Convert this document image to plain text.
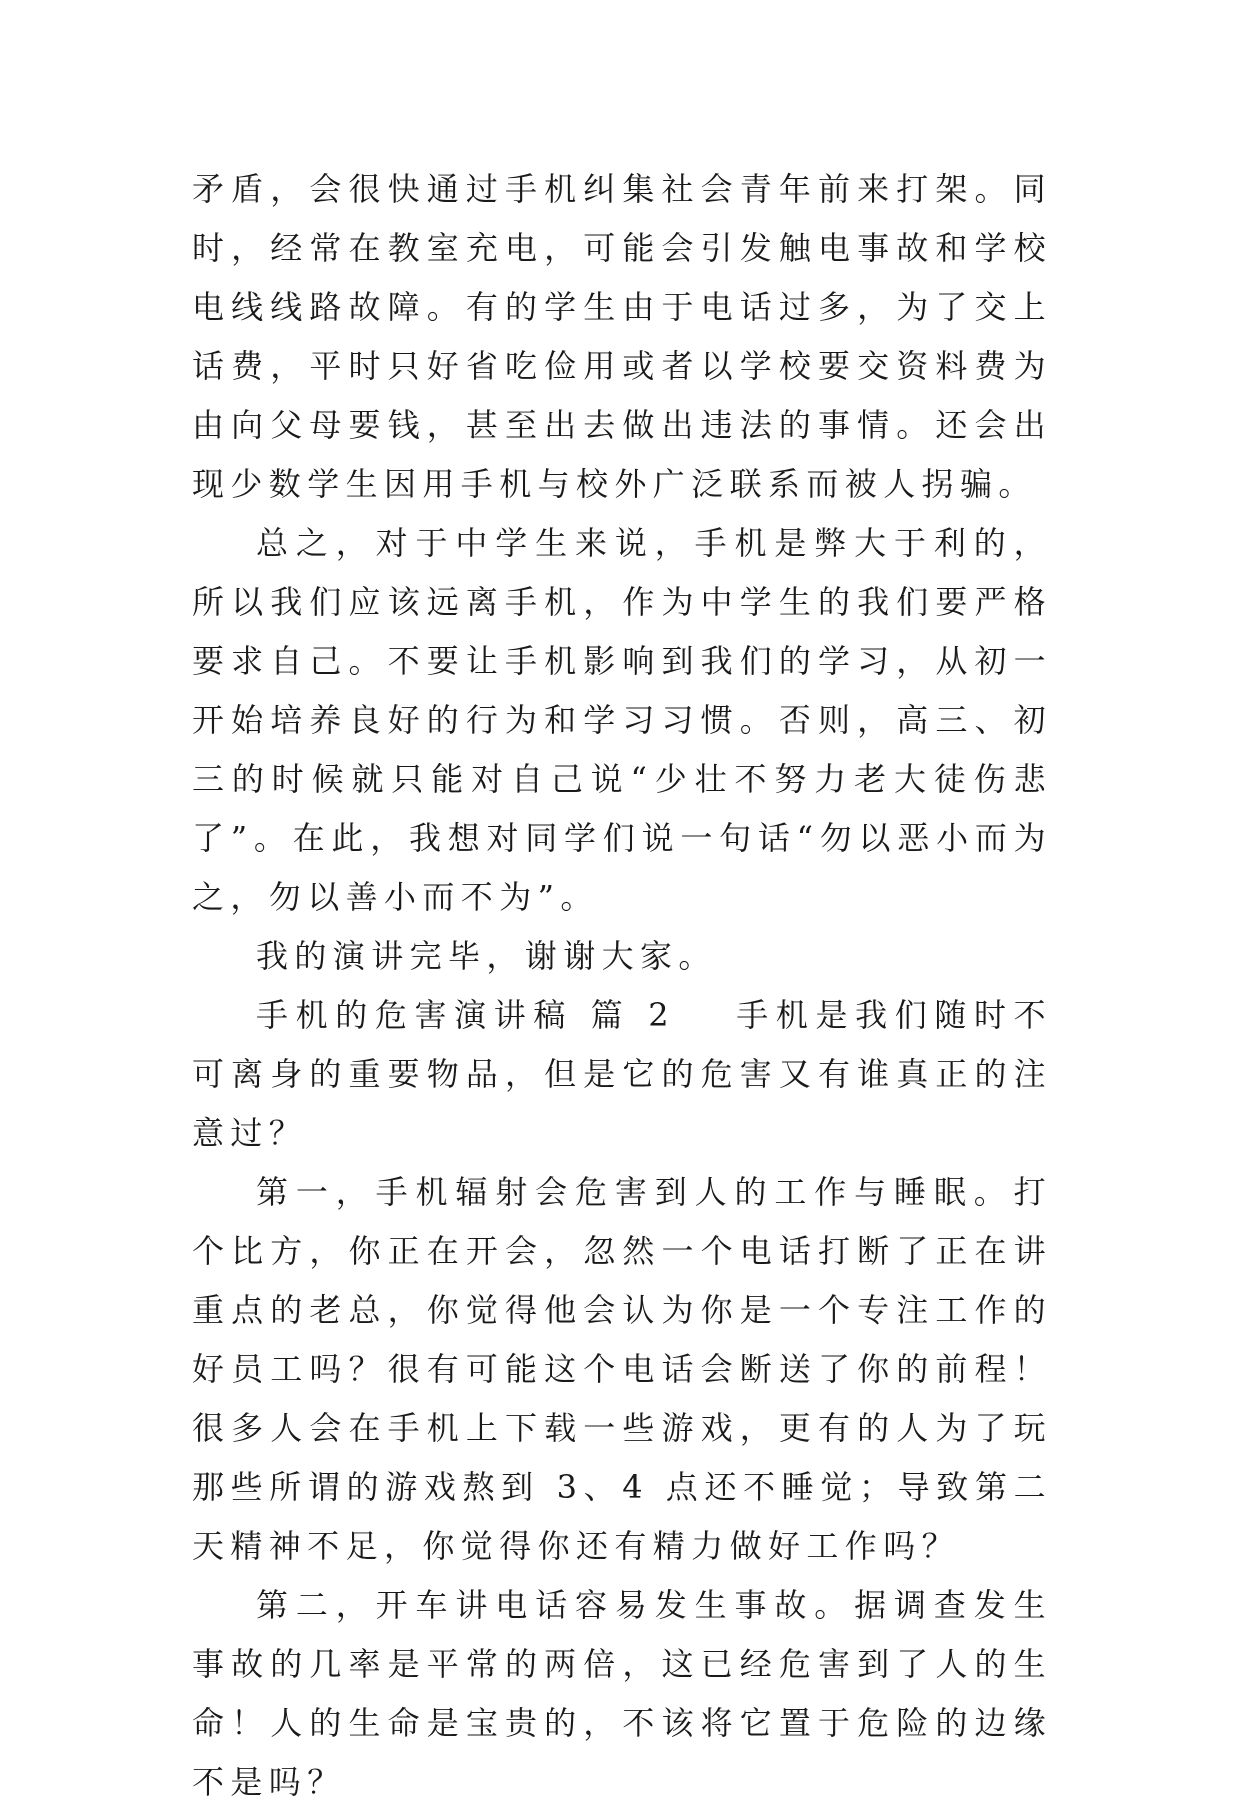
矛盾，会很快通过手机纠集社会青年前来打架。同时，经常在教室充电，可能会引发触电事故和学校电线线路故障。有的学生由于电话过多，为了交上话费，平时只好省吃俭用或者以学校要交资料费为由向父母要钱，甚至出去做出违法的事情。还会出现少数学生因用手机与校外广泛联系而被人拐骗。

总之，对于中学生来说，手机是弊大于利的，所以我们应该远离手机，作为中学生的我们要严格要求自己。不要让手机影响到我们的学习，从初一开始培养良好的行为和学习习惯。否则，高三、初三的时候就只能对自己说“少壮不努力老大徒伤悲了”。在此，我想对同学们说一句话“勿以恶小而为之，勿以善小而不为”。

我的演讲完毕，谢谢大家。

手机的危害演讲稿 篇 2 手机是我们随时不可离身的重要物品，但是它的危害又有谁真正的注意过？

第一，手机辐射会危害到人的工作与睡眠。打个比方，你正在开会，忽然一个电话打断了正在讲重点的老总，你觉得他会认为你是一个专注工作的好员工吗？很有可能这个电话会断送了你的前程！很多人会在手机上下载一些游戏，更有的人为了玩那些所谓的游戏熬到 3、4 点还不睡觉；导致第二天精神不足，你觉得你还有精力做好工作吗？

第二，开车讲电话容易发生事故。据调查发生事故的几率是平常的两倍，这已经危害到了人的生命！人的生命是宝贵的，不该将它置于危险的边缘不是吗？
